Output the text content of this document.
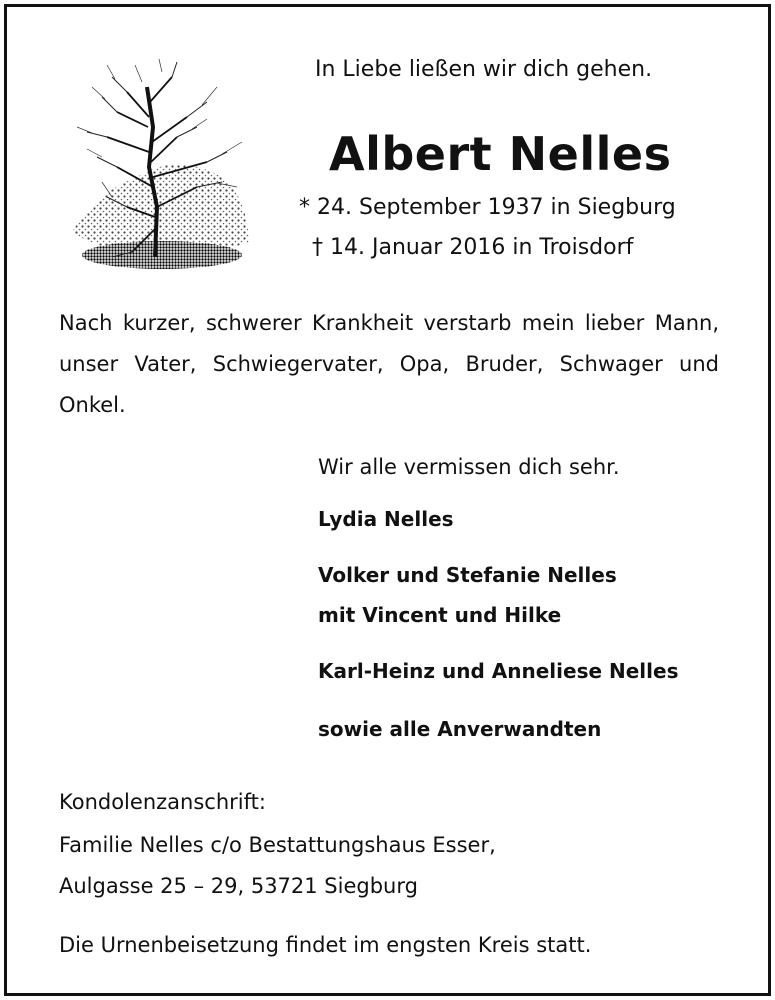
In Liebe ließen wir dich gehen.
Albert Nelles
* 24. September 1937 in Siegburg
† 14. Januar 2016 in Troisdorf
Nach kurzer, schwerer Krankheit verstarb mein lieber Mann, unser Vater, Schwiegervater, Opa, Bruder, Schwager und Onkel.
Wir alle vermissen dich sehr.
Lydia Nelles
Volker und Stefanie Nelles
mit Vincent und Hilke
Karl-Heinz und Anneliese Nelles
sowie alle Anverwandten
Kondolenzanschrift:
Familie Nelles c/o Bestattungshaus Esser,
Aulgasse 25 – 29, 53721 Siegburg
Die Urnenbeisetzung findet im engsten Kreis statt.
